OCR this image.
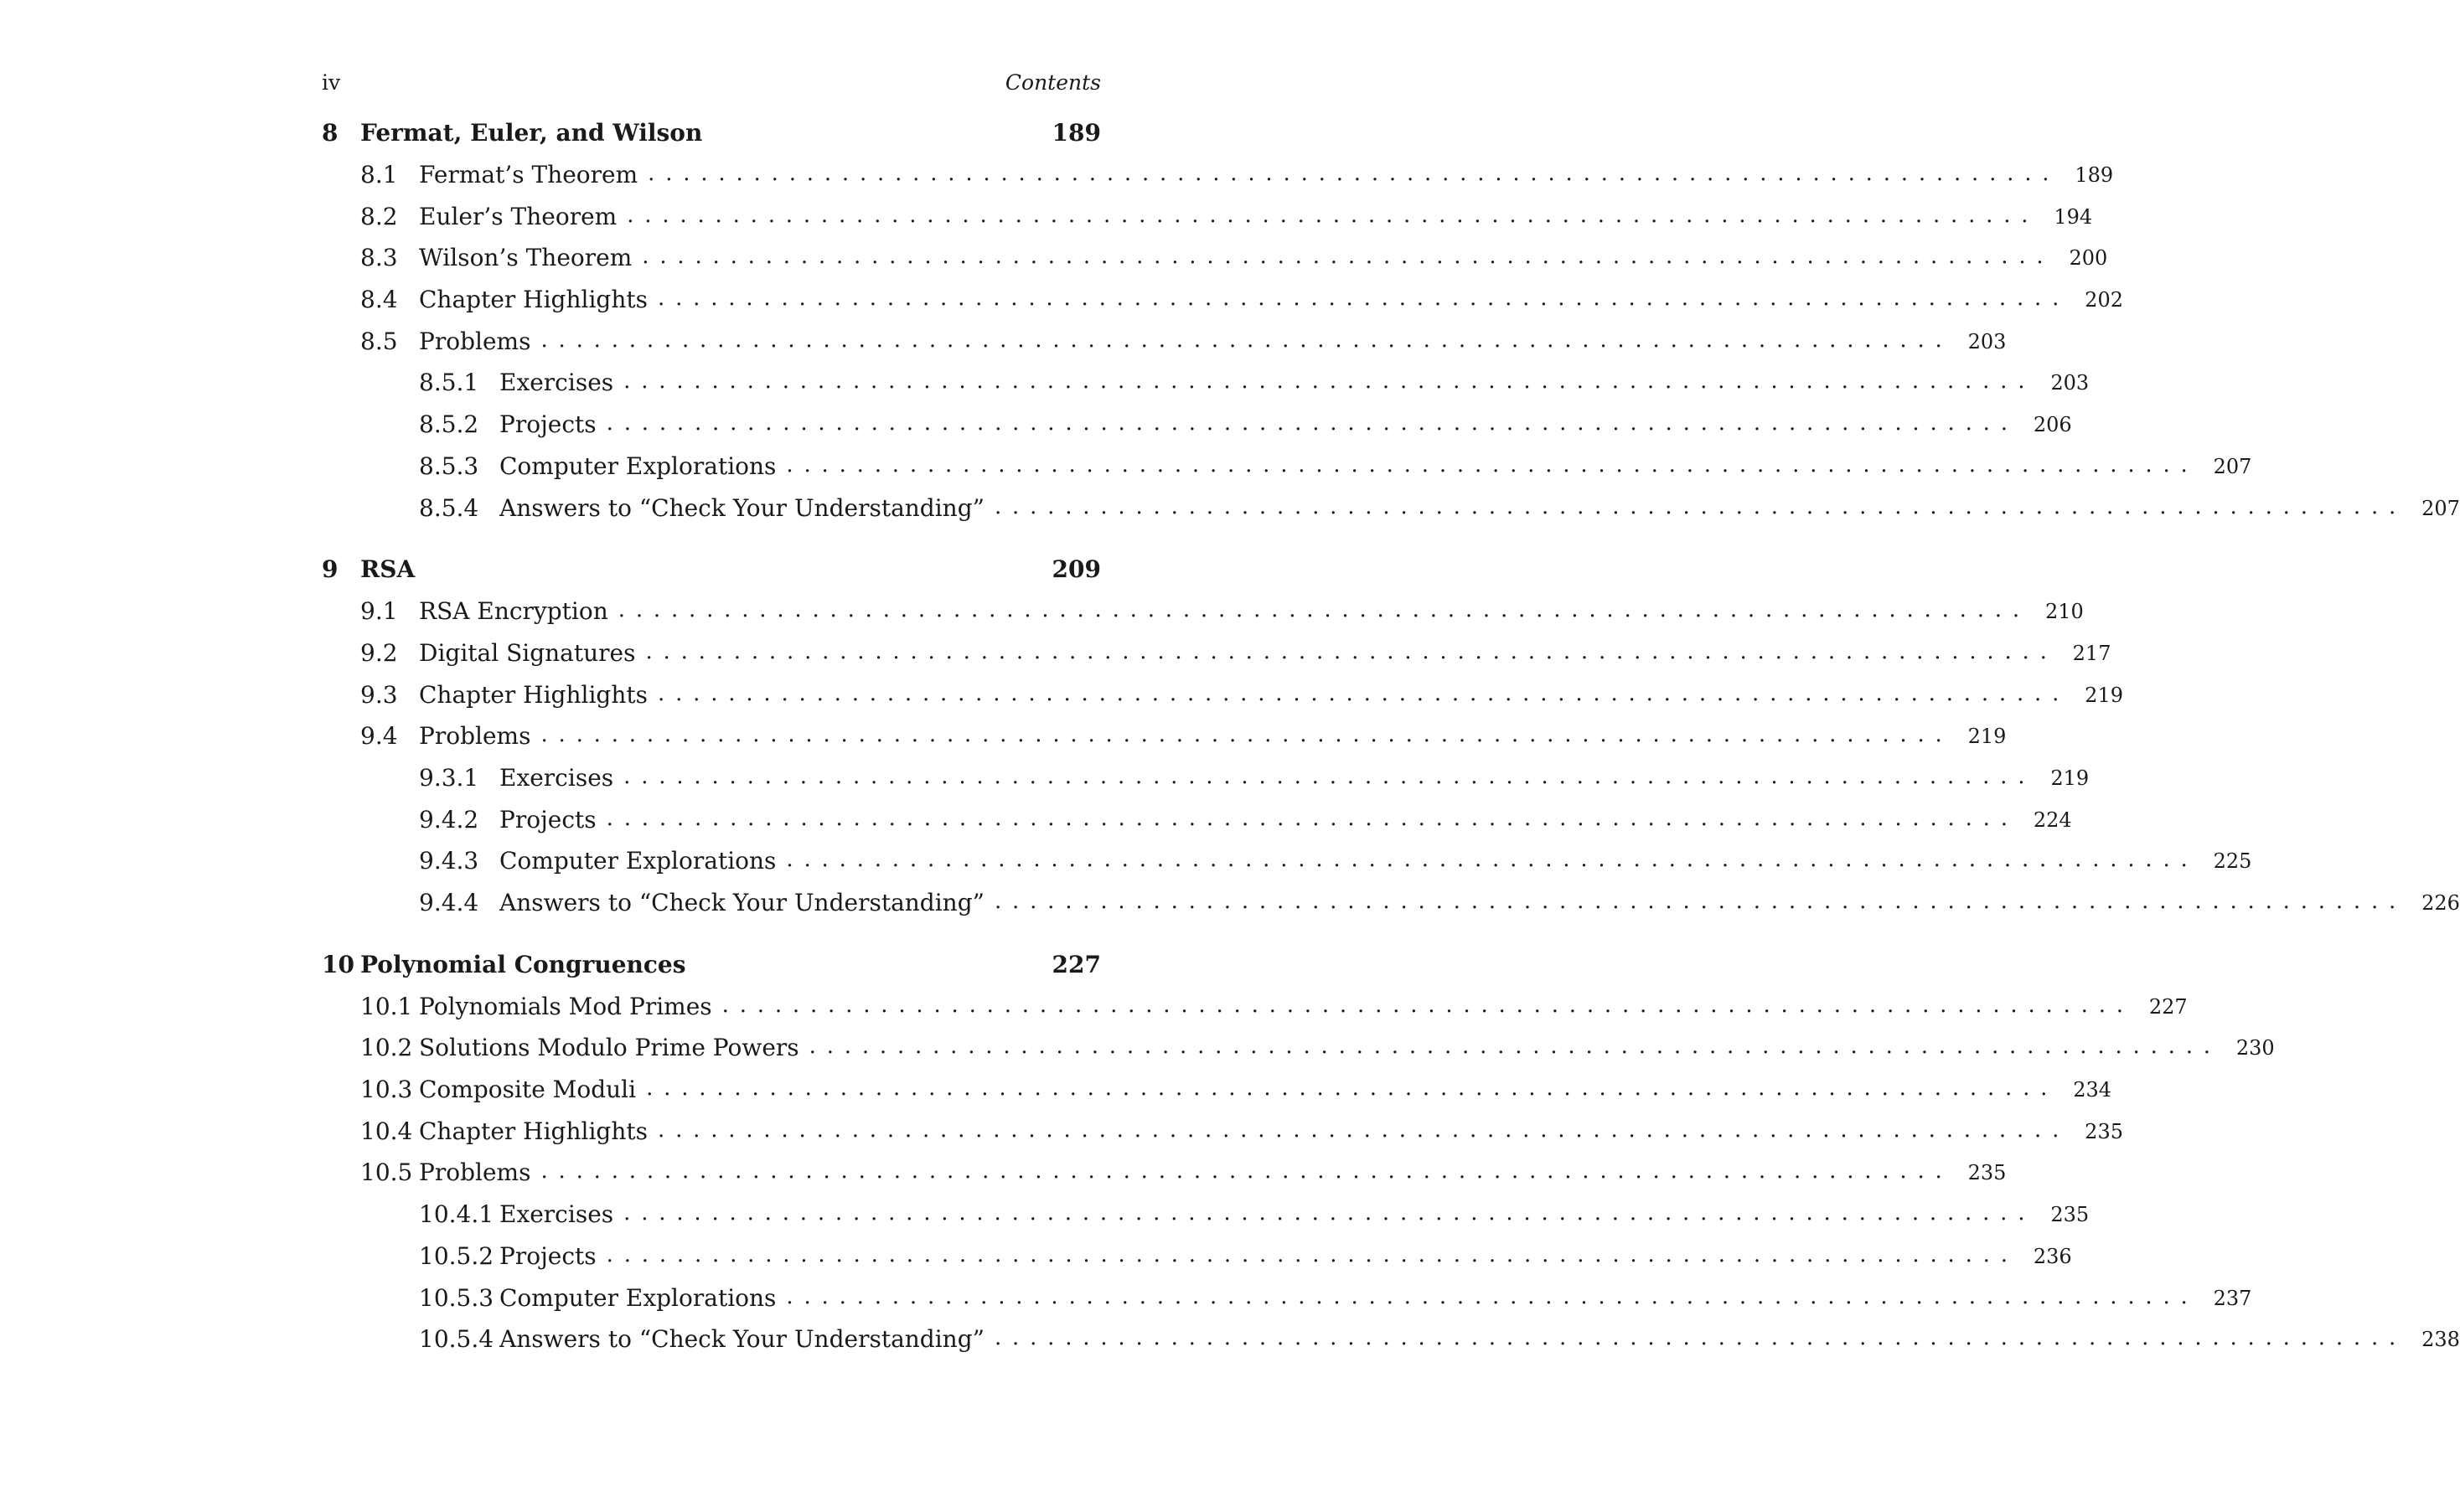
iv	Contents
8 Fermat, Euler, and Wilson	189
8.1 Fermat’s Theorem ................................................................................ 189
8.2 Euler’s Theorem ................................................................................ 194
8.3 Wilson’s Theorem ................................................................................ 200
8.4 Chapter Highlights ................................................................................ 202
8.5 Problems ................................................................................ 203
8.5.1 Exercises ................................................................................ 203
8.5.2 Projects ................................................................................ 206
8.5.3 Computer Explorations ................................................................................ 207
8.5.4 Answers to “Check Your Understanding” ................................................................................ 207
9 RSA	209
9.1 RSA Encryption ................................................................................ 210
9.2 Digital Signatures ................................................................................ 217
9.3 Chapter Highlights ................................................................................ 219
9.4 Problems ................................................................................ 219
9.3.1 Exercises ................................................................................ 219
9.4.2 Projects ................................................................................ 224
9.4.3 Computer Explorations ................................................................................ 225
9.4.4 Answers to “Check Your Understanding” ................................................................................ 226
10 Polynomial Congruences	227
10.1 Polynomials Mod Primes ................................................................................ 227
10.2 Solutions Modulo Prime Powers ................................................................................ 230
10.3 Composite Moduli ................................................................................ 234
10.4 Chapter Highlights ................................................................................ 235
10.5 Problems ................................................................................ 235
10.4.1 Exercises ................................................................................ 235
10.5.2 Projects ................................................................................ 236
10.5.3 Computer Explorations ................................................................................ 237
10.5.4 Answers to “Check Your Understanding” ................................................................................ 238
